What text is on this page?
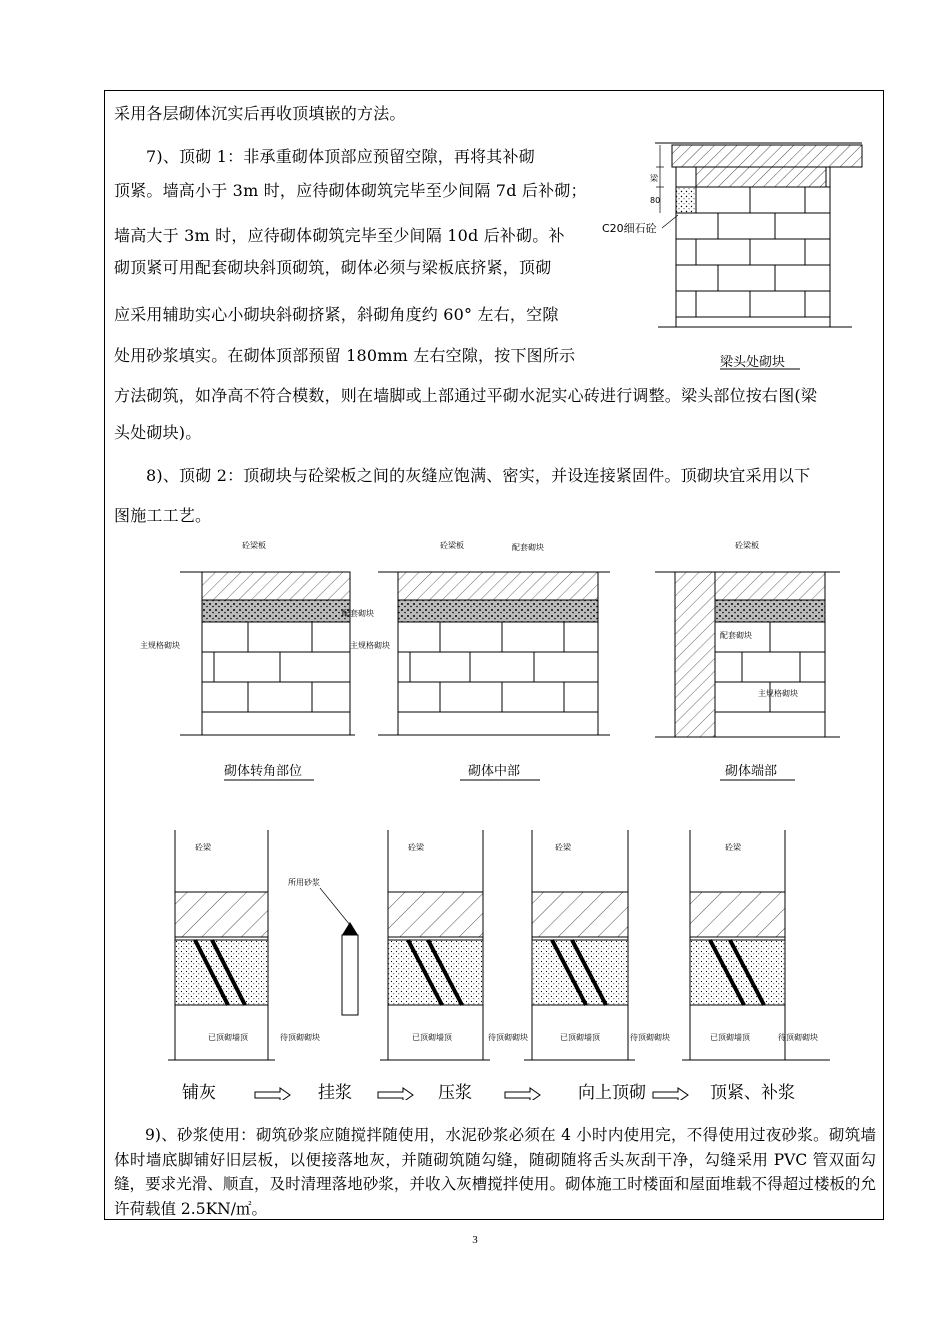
采用各层砌体沉实后再收顶填嵌的方法。
7)、顶砌 1：非承重砌体顶部应预留空隙，再将其补砌
顶紧。墙高小于 3m 时，应待砌体砌筑完毕至少间隔 7d 后补砌；
墙高大于 3m 时，应待砌体砌筑完毕至少间隔 10d 后补砌。补
砌顶紧可用配套砌块斜顶砌筑，砌体必须与梁板底挤紧，顶砌
应采用辅助实心小砌块斜砌挤紧，斜砌角度约 60° 左右，空隙
处用砂浆填实。在砌体顶部预留 180mm 左右空隙，按下图所示
方法砌筑，如净高不符合模数，则在墙脚或上部通过平砌水泥实心砖进行调整。梁头部位按右图(梁
头处砌块)。
8)、顶砌 2：顶砌块与砼梁板之间的灰缝应饱满、密实，并设连接紧固件。顶砌块宜采用以下
图施工工艺。
梁
80
C20细石砼
梁头处砌块
砼梁板
配套砌块
主规格砌块
砌体转角部位
砼梁板	配套砌块
主规格砌块
砌体中部
砼梁板
配套砌块
主规格砌块
砌体端部
砼梁
已顶砌墙顶	待顶砌砌块
所用砂浆
砼梁
已顶砌墙顶	待顶砌砌块
砼梁
已顶砌墙顶	待顶砌砌块
砼梁
已顶砌墙顶	待顶砌砌块
铺灰	挂浆	压浆	向上顶砌	顶紧、补浆
9)、砂浆使用：砌筑砂浆应随搅拌随使用，水泥砂浆必须在 4 小时内使用完，不得使用过夜砂浆。砌筑墙体时墙底脚铺好旧层板，以便接落地灰，并随砌筑随勾缝，随砌随将舌头灰刮干净，勾缝采用 PVC 管双面勾缝，要求光滑、顺直，及时清理落地砂浆，并收入灰槽搅拌使用。砌体施工时楼面和屋面堆载不得超过楼板的允许荷载值 2.5KN/㎡。
3
